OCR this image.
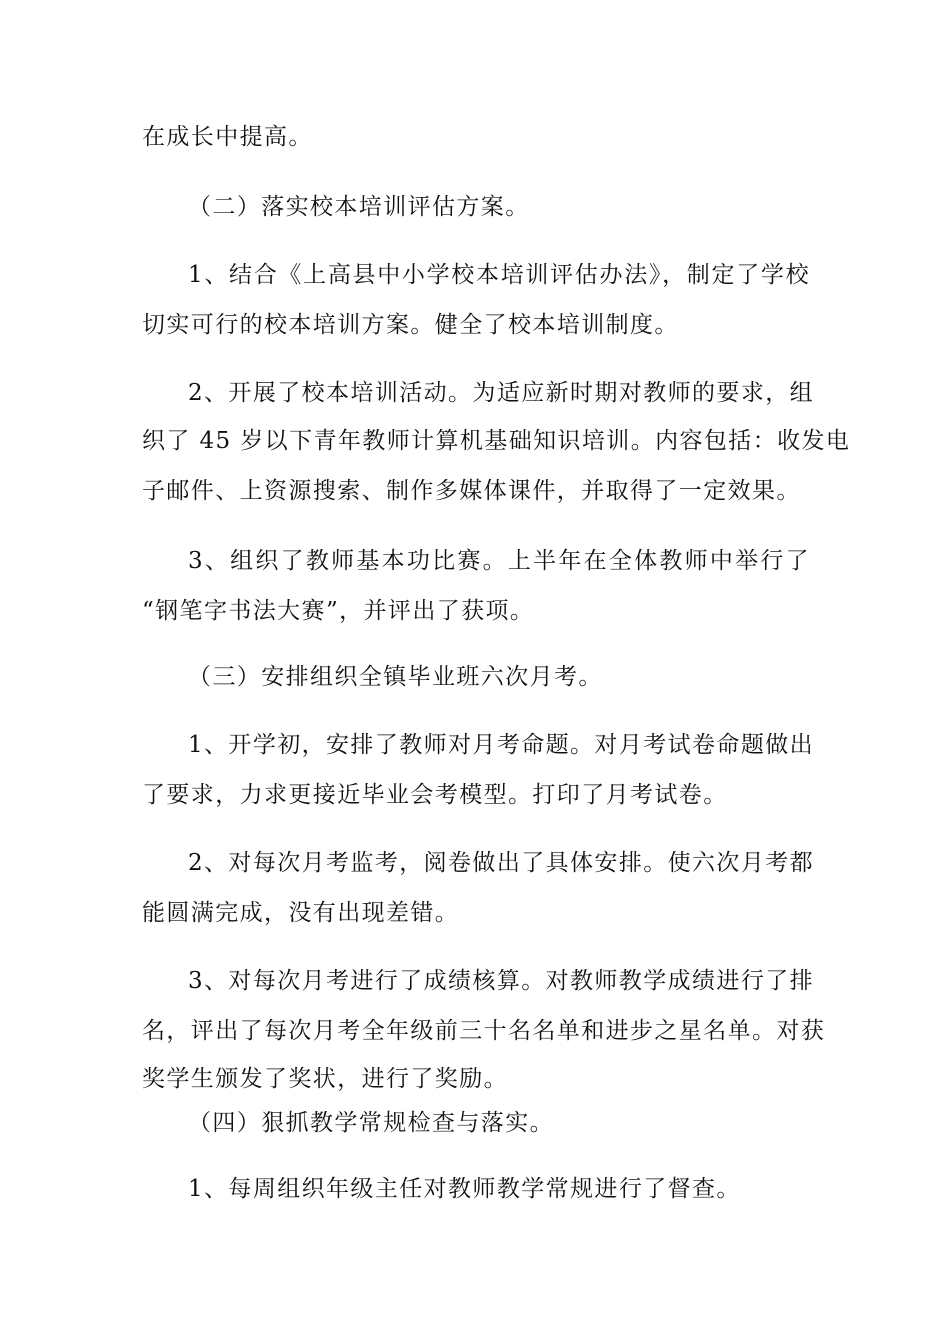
在成长中提高。
（二）落实校本培训评估方案。
1、结合《上高县中小学校本培训评估办法》，制定了学校
切实可行的校本培训方案。健全了校本培训制度。
2、开展了校本培训活动。为适应新时期对教师的要求，组
织了 45 岁以下青年教师计算机基础知识培训。内容包括：收发电
子邮件、上资源搜索、制作多媒体课件，并取得了一定效果。
3、组织了教师基本功比赛。上半年在全体教师中举行了
“钢笔字书法大赛”，并评出了获项。
（三）安排组织全镇毕业班六次月考。
1、开学初，安排了教师对月考命题。对月考试卷命题做出
了要求，力求更接近毕业会考模型。打印了月考试卷。
2、对每次月考监考，阅卷做出了具体安排。使六次月考都
能圆满完成，没有出现差错。
3、对每次月考进行了成绩核算。对教师教学成绩进行了排
名，评出了每次月考全年级前三十名名单和进步之星名单。对获
奖学生颁发了奖状，进行了奖励。
（四）狠抓教学常规检查与落实。
1、每周组织年级主任对教师教学常规进行了督查。
